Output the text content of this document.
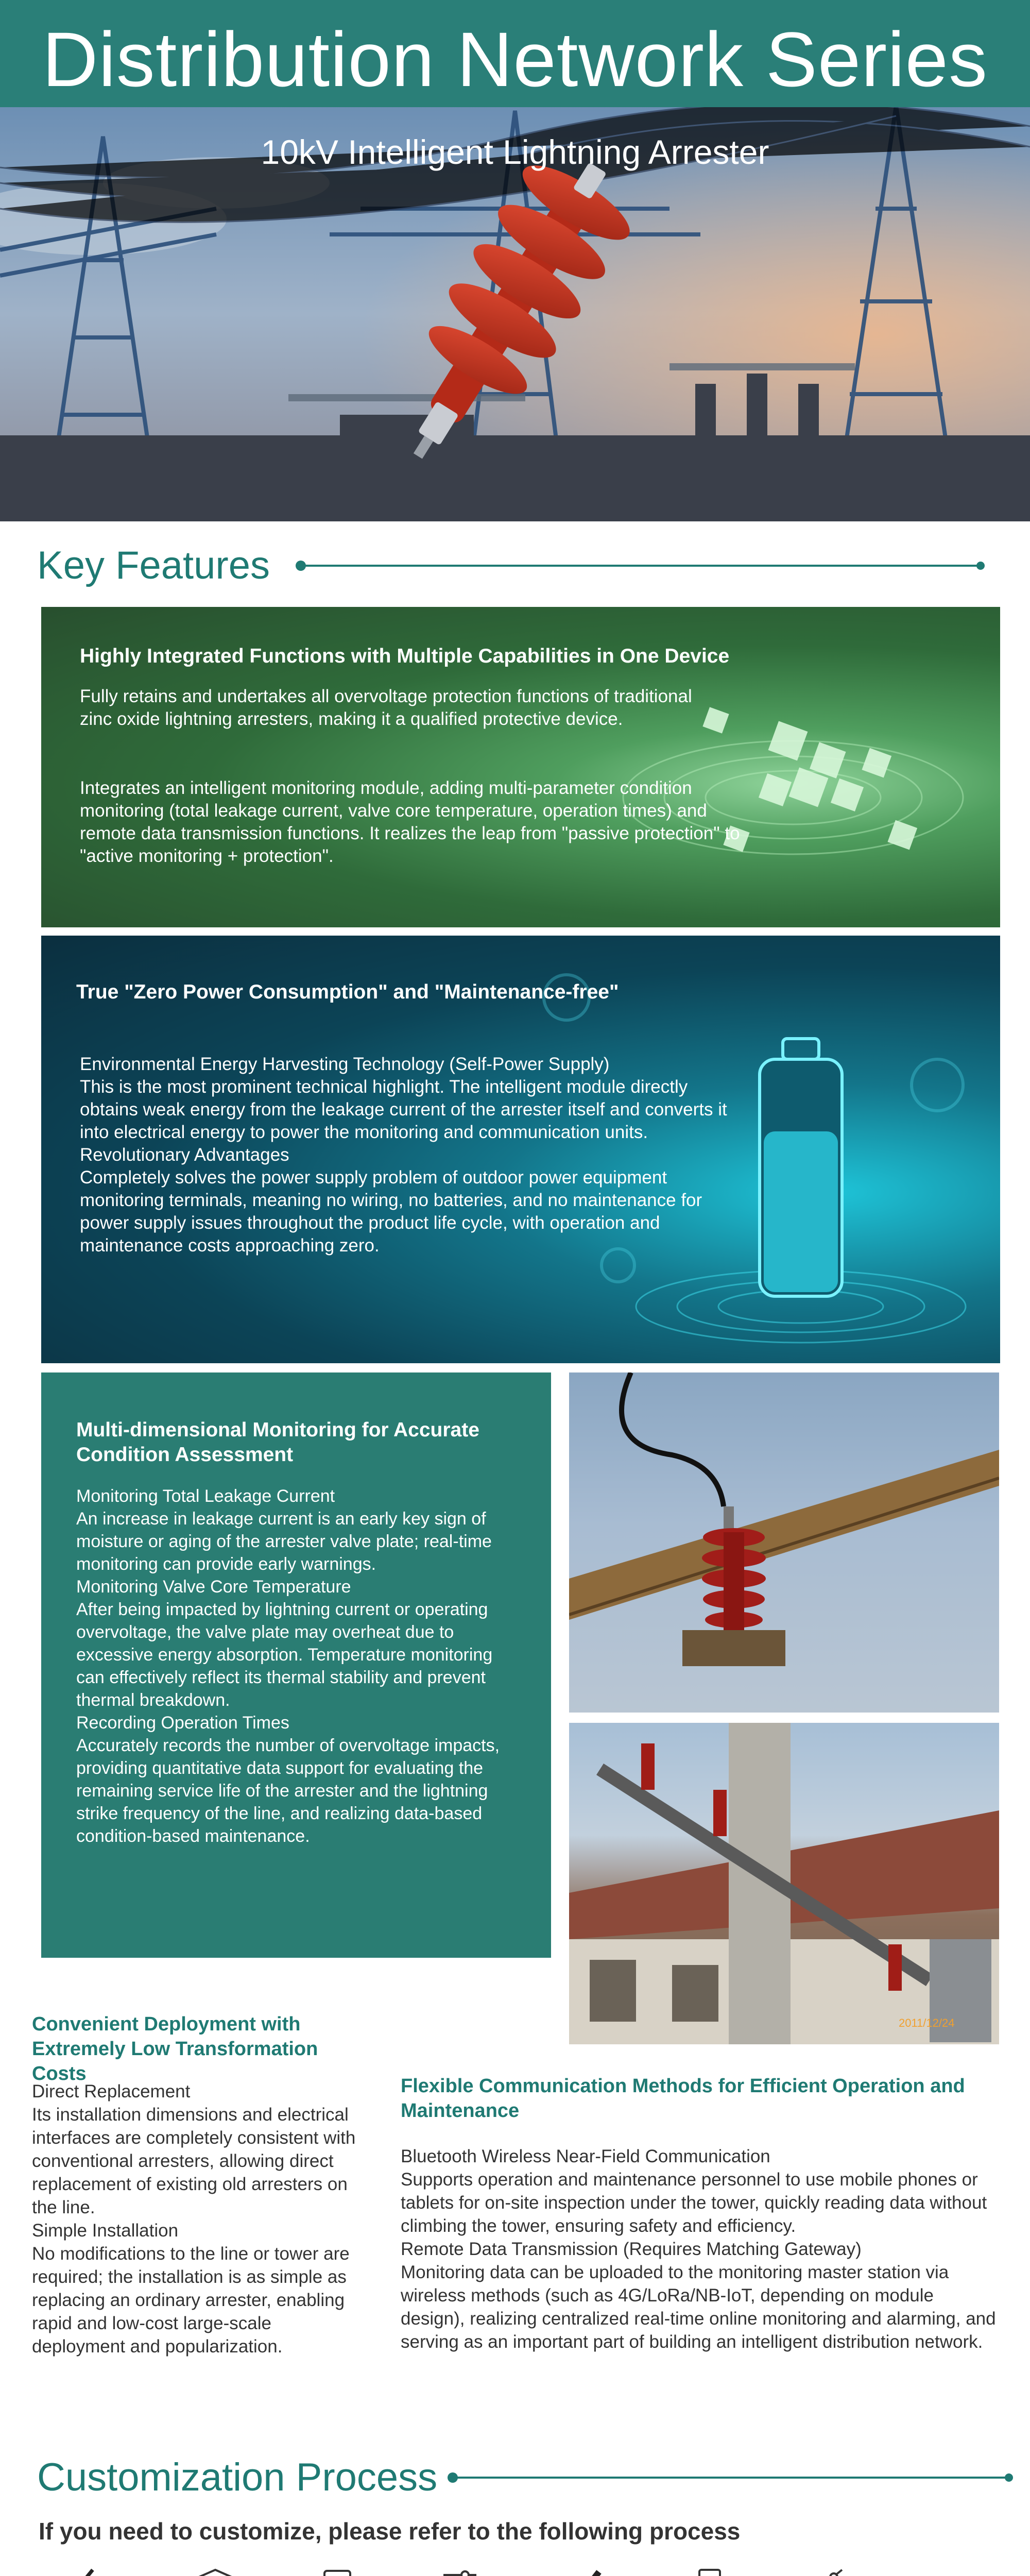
Distribution Network Series
10kV Intelligent Lightning Arrester
Key Features
Highly Integrated Functions with Multiple Capabilities in One Device

Fully retains and undertakes all overvoltage protection functions of traditional zinc oxide lightning arresters, making it a qualified protective device.

Integrates an intelligent monitoring module, adding multi-parameter condition monitoring (total leakage current, valve core temperature, operation times) and remote data transmission functions. It realizes the leap from "passive protection" to "active monitoring + protection".

True "Zero Power Consumption" and "Maintenance-free"

Environmental Energy Harvesting Technology (Self-Power Supply)
This is the most prominent technical highlight. The intelligent module directly obtains weak energy from the leakage current of the arrester itself and converts it into electrical energy to power the monitoring and communication units.
Revolutionary Advantages
Completely solves the power supply problem of outdoor power equipment monitoring terminals, meaning no wiring, no batteries, and no maintenance for power supply issues throughout the product life cycle, with operation and maintenance costs approaching zero.

Multi-dimensional Monitoring for Accurate Condition Assessment

Monitoring Total Leakage Current
An increase in leakage current is an early key sign of moisture or aging of the arrester valve plate; real-time monitoring can provide early warnings.
Monitoring Valve Core Temperature
After being impacted by lightning current or operating overvoltage, the valve plate may overheat due to excessive energy absorption. Temperature monitoring can effectively reflect its thermal stability and prevent thermal breakdown.
Recording Operation Times
Accurately records the number of overvoltage impacts, providing quantitative data support for evaluating the remaining service life of the arrester and the lightning strike frequency of the line, and realizing data-based condition-based maintenance.

2011/12/24
Convenient Deployment with Extremely Low Transformation Costs
Direct Replacement
Its installation dimensions and electrical interfaces are completely consistent with conventional arresters, allowing direct replacement of existing old arresters on the line.
Simple Installation
No modifications to the line or tower are required; the installation is as simple as replacing an ordinary arrester, enabling rapid and low-cost large-scale deployment and popularization.
Flexible Communication Methods for Efficient Operation and Maintenance
Bluetooth Wireless Near-Field Communication
Supports operation and maintenance personnel to use mobile phones or tablets for on-site inspection under the tower, quickly reading data without climbing the tower, ensuring safety and efficiency.
Remote Data Transmission (Requires Matching Gateway)
Monitoring data can be uploaded to the monitoring master station via wireless methods (such as 4G/LoRa/NB-IoT, depending on module design), realizing centralized real-time online monitoring and alarming, and serving as an important part of building an intelligent distribution network.
Customization Process
If you need to customize, please refer to the following process
